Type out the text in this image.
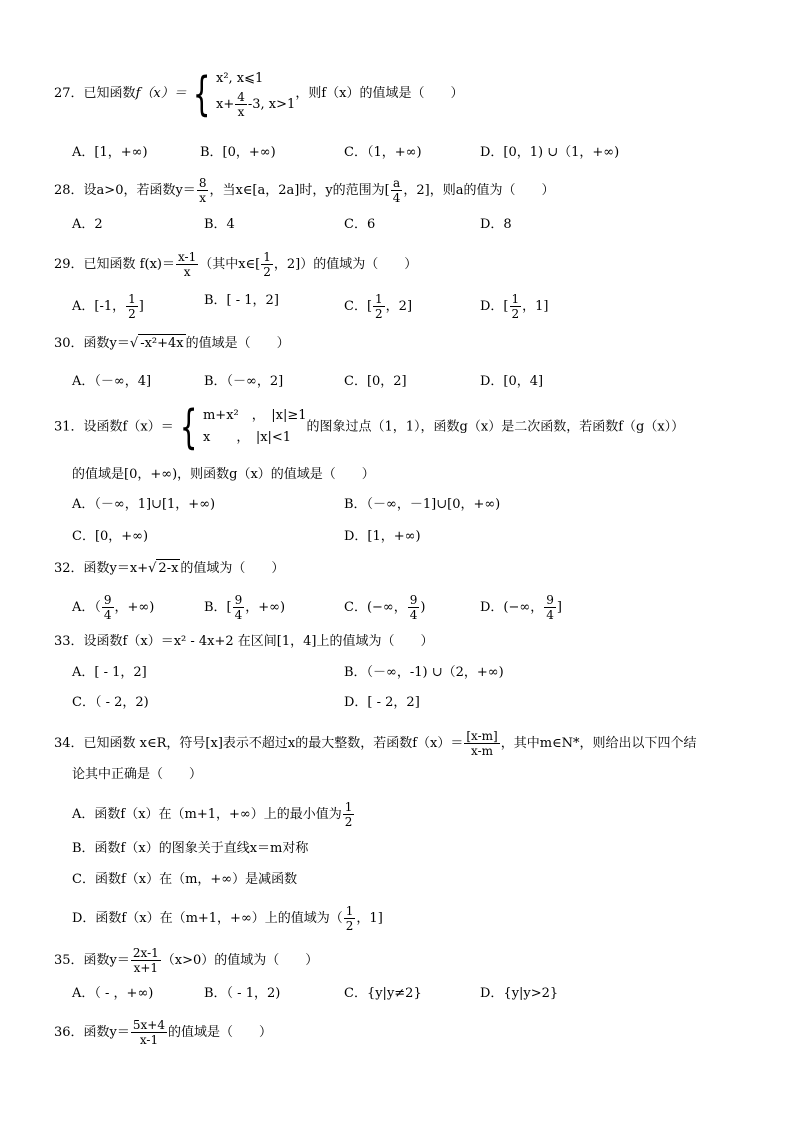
27．已知函数f（x）＝ { x², x⩽1
$x+ \frac{4}{x} -3$, x>1
，则f（x）的值域是（　　）
A．[1，+∞)	B．[0，+∞)	C．（1，+∞)	D．[0，1) ∪（1，+∞)
28．设a>0，若函数$y= \frac{8}{x}$ ，当x∈[a，2a]时，y的范围为[ $\frac{a}{4}$ ，2]，则a的值为（　　）
A．2	B．4	C．6	D．8
29．已知函数 $f(x)= \frac{x-1}{x}$ （其中x∈[ $\frac{1}{2}$ ，2]）的值域为（　　）
A．[-1， $\frac{1}{2}$ ]	B．[ - 1，2]	C．[ $\frac{1}{2}$ ，2]	D．[ $\frac{1}{2}$ ，1]
30．函数y＝√ -x²+4x 的值域是（　　）
A．（－∞，4]	B．（－∞，2]	C．[0，2]	D．[0，4]
31．设函数f（x）＝ { m+x²　，　|x|≥1
x　　，　|x|<1
的图象过点（1，1），函数g（x）是二次函数，若函数f（g（x））
的值域是[0，+∞)，则函数g（x）的值域是（　　）
A．（－∞，1]∪[1，+∞)	B．（－∞，－1]∪[0，+∞)
C．[0，+∞)	D．[1，+∞)
32．函数y＝x+√ 2-x 的值域为（　　）
A．（ $\frac{9}{4}$ ，+∞)	B．[ $\frac{9}{4}$ ，+∞)	C．(−∞， $\frac{9}{4}$ )	D．(−∞， $\frac{9}{4}$ ]
33．设函数f（x）＝x² - 4x+2 在区间[1，4]上的值域为（　　）
A．[ - 1，2]	B．（－∞，-1) ∪（2，+∞)
C．（ - 2，2)	D．[ - 2，2]
34．已知函数 x∈R，符号[x]表示不超过x的最大整数，若函数$f(x)= \frac{[x-m]}{x-m}$ ，其中m∈N*，则给出以下四个结
论其中正确是（　　）
A．函数f（x）在（m+1，+∞）上的最小值为 $\frac{1}{2}$
B．函数f（x）的图象关于直线x＝m对称
C．函数f（x）在（m，+∞）是减函数
D．函数f（x）在（m+1，+∞）上的值域为（ $\frac{1}{2}$ ，1]
35．函数$y= \frac{2x-1}{x+1} (x>0)$的值域为（　　）
A．（ - ，+∞)	B．（ - 1，2)	C．{y|y≠2}	D．{y|y>2}
36．函数$y= \frac{5x+4}{x-1}$ 的值域是（　　）
